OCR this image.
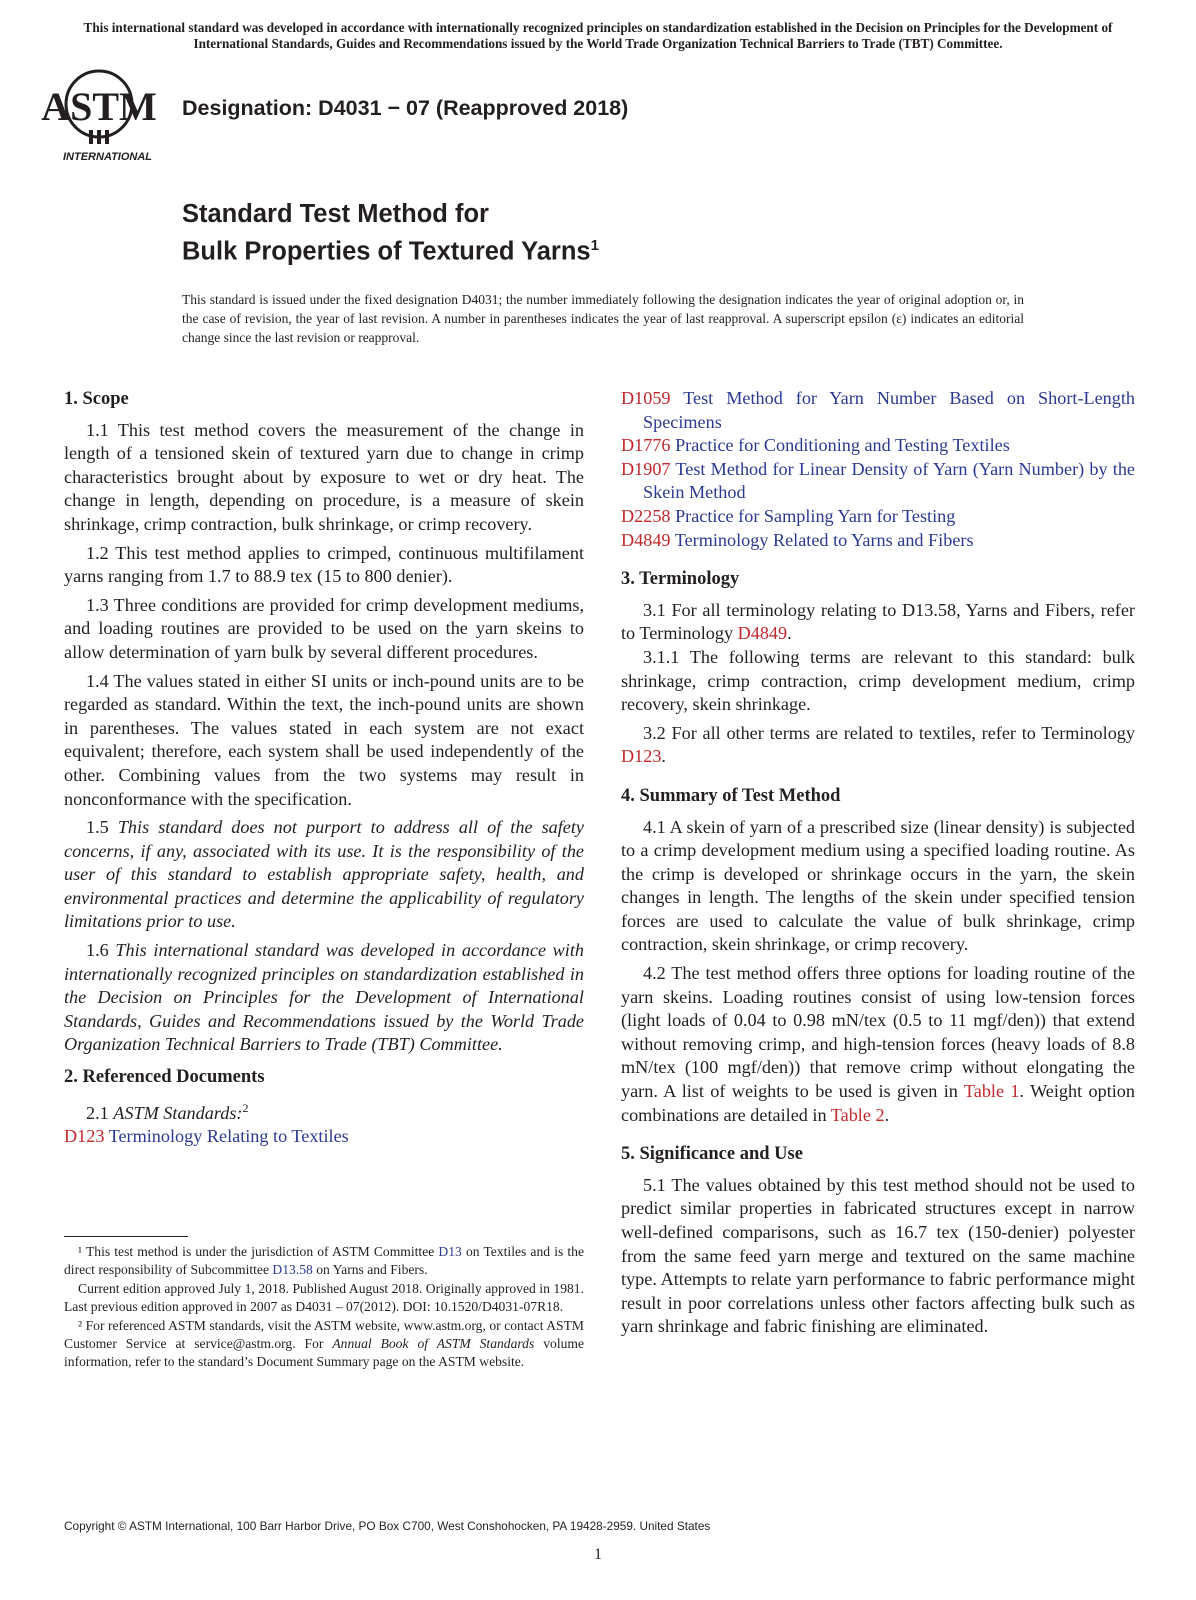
This international standard was developed in accordance with internationally recognized principles on standardization established in the Decision on Principles for the Development of International Standards, Guides and Recommendations issued by the World Trade Organization Technical Barriers to Trade (TBT) Committee.
ASTM
INTERNATIONAL
Designation: D4031 − 07 (Reapproved 2018)
Standard Test Method for
Bulk Properties of Textured Yarns$^1$
This standard is issued under the fixed designation D4031; the number immediately following the designation indicates the year of original adoption or, in the case of revision, the year of last revision. A number in parentheses indicates the year of last reapproval. A superscript epsilon (ε) indicates an editorial change since the last revision or reapproval.
1. Scope

1.1 This test method covers the measurement of the change in length of a tensioned skein of textured yarn due to change in crimp characteristics brought about by exposure to wet or dry heat. The change in length, depending on procedure, is a measure of skein shrinkage, crimp contraction, bulk shrinkage, or crimp recovery.

1.2 This test method applies to crimped, continuous multifilament yarns ranging from 1.7 to 88.9 tex (15 to 800 denier).

1.3 Three conditions are provided for crimp development mediums, and loading routines are provided to be used on the yarn skeins to allow determination of yarn bulk by several different procedures.

1.4 The values stated in either SI units or inch-pound units are to be regarded as standard. Within the text, the inch-pound units are shown in parentheses. The values stated in each system are not exact equivalent; therefore, each system shall be used independently of the other. Combining values from the two systems may result in nonconformance with the specification.

1.5 This standard does not purport to address all of the safety concerns, if any, associated with its use. It is the responsibility of the user of this standard to establish appropriate safety, health, and environmental practices and determine the applicability of regulatory limitations prior to use.

1.6 This international standard was developed in accordance with internationally recognized principles on standardization established in the Decision on Principles for the Development of International Standards, Guides and Recommendations issued by the World Trade Organization Technical Barriers to Trade (TBT) Committee.

2. Referenced Documents

2.1 ASTM Standards:$^2$

D123 Terminology Relating to Textiles

¹ This test method is under the jurisdiction of ASTM Committee D13 on Textiles and is the direct responsibility of Subcommittee D13.58 on Yarns and Fibers.

Current edition approved July 1, 2018. Published August 2018. Originally approved in 1981. Last previous edition approved in 2007 as D4031 – 07(2012). DOI: 10.1520/D4031-07R18.

² For referenced ASTM standards, visit the ASTM website, www.astm.org, or contact ASTM Customer Service at service@astm.org. For Annual Book of ASTM Standards volume information, refer to the standard’s Document Summary page on the ASTM website.

D1059 Test Method for Yarn Number Based on Short-Length Specimens
D1776 Practice for Conditioning and Testing Textiles
D1907 Test Method for Linear Density of Yarn (Yarn Number) by the Skein Method
D2258 Practice for Sampling Yarn for Testing
D4849 Terminology Related to Yarns and Fibers
3. Terminology

3.1 For all terminology relating to D13.58, Yarns and Fibers, refer to Terminology D4849.

3.1.1 The following terms are relevant to this standard: bulk shrinkage, crimp contraction, crimp development medium, crimp recovery, skein shrinkage.

3.2 For all other terms are related to textiles, refer to Terminology D123.

4. Summary of Test Method

4.1 A skein of yarn of a prescribed size (linear density) is subjected to a crimp development medium using a specified loading routine. As the crimp is developed or shrinkage occurs in the yarn, the skein changes in length. The lengths of the skein under specified tension forces are used to calculate the value of bulk shrinkage, crimp contraction, skein shrinkage, or crimp recovery.

4.2 The test method offers three options for loading routine of the yarn skeins. Loading routines consist of using low-tension forces (light loads of 0.04 to 0.98 mN/tex (0.5 to 11 mgf/den)) that extend without removing crimp, and high-tension forces (heavy loads of 8.8 mN/tex (100 mgf/den)) that remove crimp without elongating the yarn. A list of weights to be used is given in Table 1. Weight option combinations are detailed in Table 2.

5. Significance and Use

5.1 The values obtained by this test method should not be used to predict similar properties in fabricated structures except in narrow well-defined comparisons, such as 16.7 tex (150-denier) polyester from the same feed yarn merge and textured on the same machine type. Attempts to relate yarn performance to fabric performance might result in poor correlations unless other factors affecting bulk such as yarn shrinkage and fabric finishing are eliminated.

Copyright © ASTM International, 100 Barr Harbor Drive, PO Box C700, West Conshohocken, PA 19428-2959. United States
1
